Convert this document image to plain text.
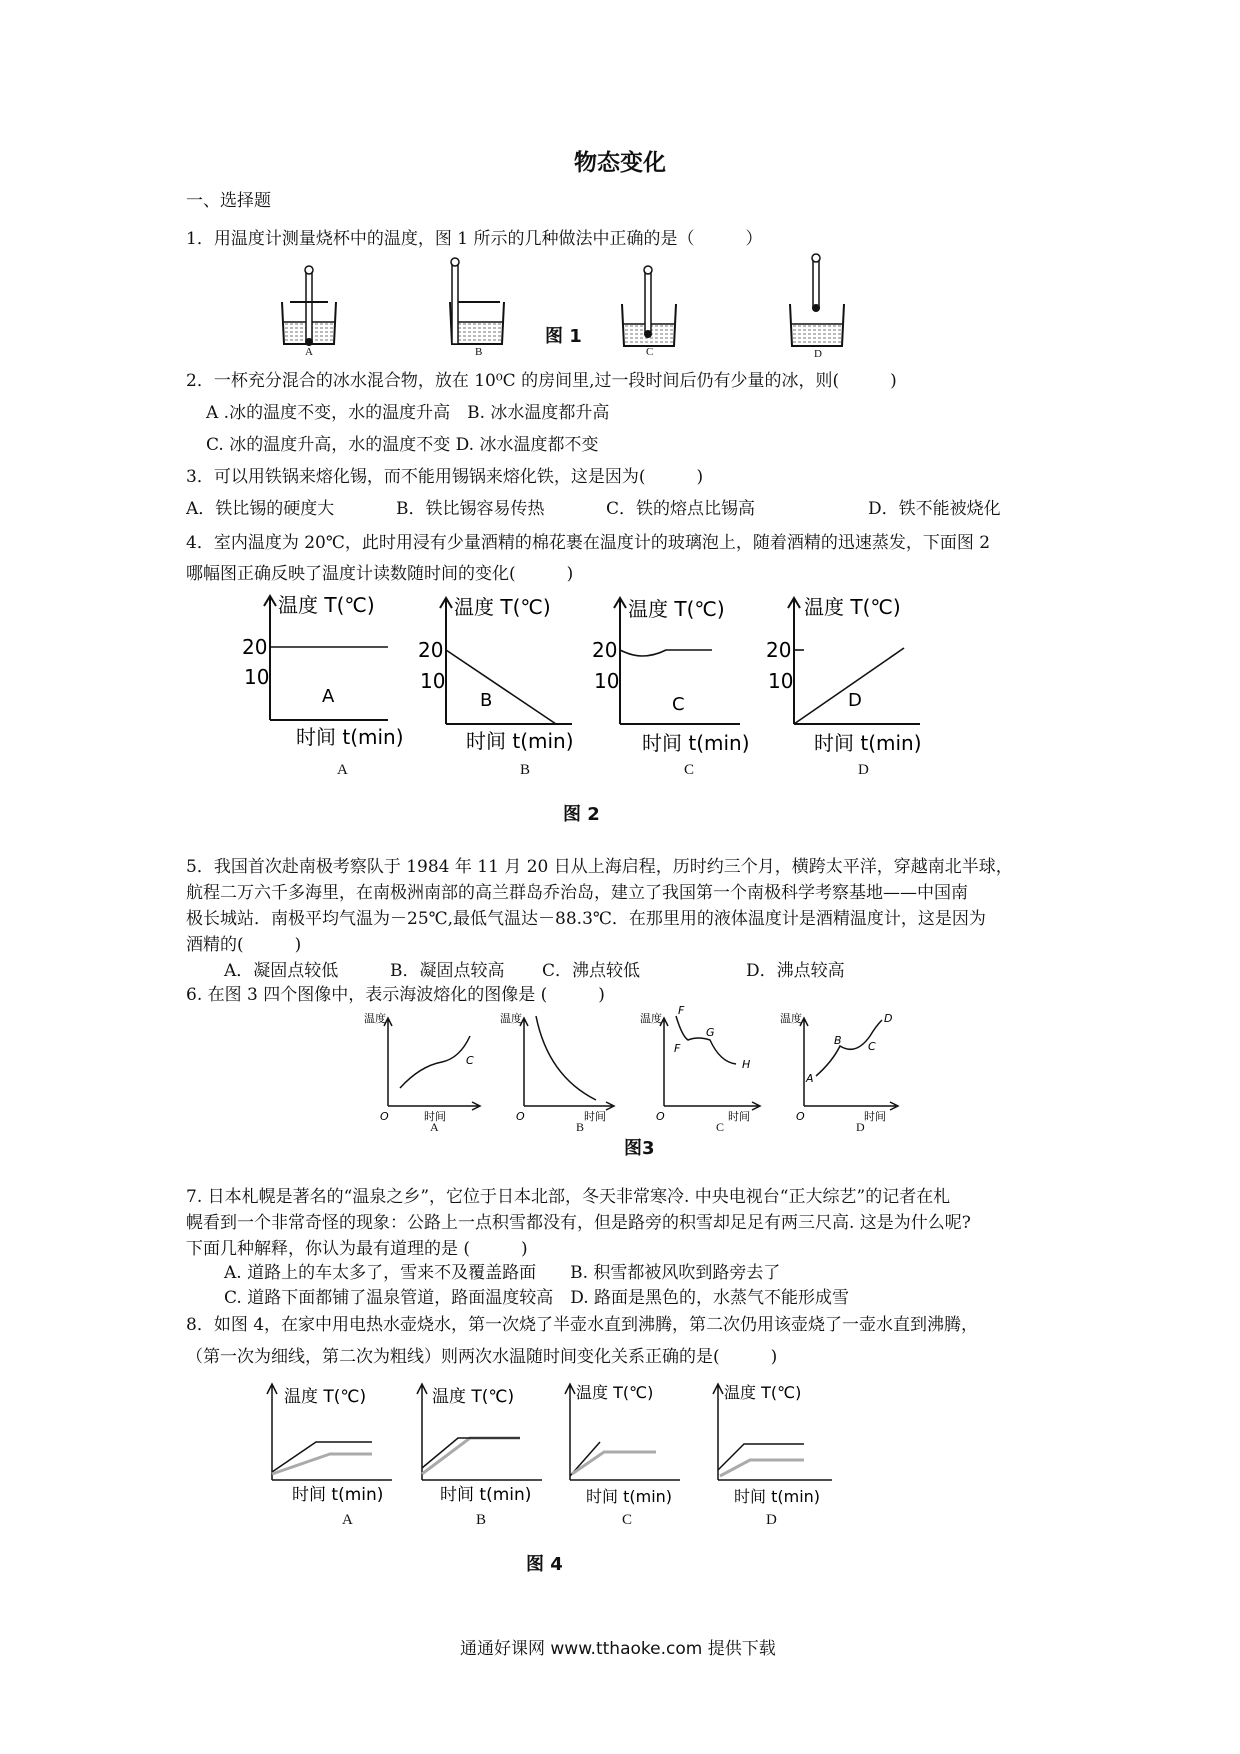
物态变化
一、选择题
1．用温度计测量烧杯中的温度，图 1 所示的几种做法中正确的是（　　　）
A	B	C	D
图 1
2．一杯充分混合的冰水混合物，放在 10⁰C 的房间里,过一段时间后仍有少量的冰，则(　　　)
A .冰的温度不变，水的温度升高　B. 冰水温度都升高
C. 冰的温度升高，水的温度不变 D. 冰水温度都不变
3．可以用铁锅来熔化锡，而不能用锡锅来熔化铁，这是因为(　　　)
A．铁比锡的硬度大	B．铁比锡容易传热	C．铁的熔点比锡高	D．铁不能被烧化
4．室内温度为 20℃，此时用浸有少量酒精的棉花裹在温度计的玻璃泡上，随着酒精的迅速蒸发，下面图 2
哪幅图正确反映了温度计读数随时间的变化(　　　)
20
10
温度 T(℃)
时间 t(min)
A
20
10
温度 T(℃)
时间 t(min)
B
20
10
温度 T(℃)
时间 t(min)
C
20
10
温度 T(℃)
时间 t(min)
D
A	B	C	D
图 2
5．我国首次赴南极考察队于 1984 年 11 月 20 日从上海启程，历时约三个月，横跨太平洋，穿越南北半球，
航程二万六千多海里，在南极洲南部的高兰群岛乔治岛，建立了我国第一个南极科学考察基地——中国南
极长城站．南极平均气温为－25℃,最低气温达－88.3℃．在那里用的液体温度计是酒精温度计，这是因为
酒精的(　　　)
A．凝固点较低	B．凝固点较高 C．沸点较低	D．沸点较高
6. 在图 3 四个图像中，表示海波熔化的图像是 (　　　)
温度
时间
O
C
温度
时间
O
温度
时间
O
F
F
G
H
温度
时间
O
A
B C
D
A	B	C	D
图3
7. 日本札幌是著名的“温泉之乡”，它位于日本北部，冬天非常寒冷. 中央电视台“正大综艺”的记者在札
幌看到一个非常奇怪的现象：公路上一点积雪都没有，但是路旁的积雪却足足有两三尺高. 这是为什么呢?
下面几种解释，你认为最有道理的是 (　　　)
A. 道路上的车太多了，雪来不及覆盖路面　　B. 积雪都被风吹到路旁去了
C. 道路下面都铺了温泉管道，路面温度较高　D. 路面是黑色的，水蒸气不能形成雪
8．如图 4，在家中用电热水壶烧水，第一次烧了半壶水直到沸腾，第二次仍用该壶烧了一壶水直到沸腾，
（第一次为细线，第二次为粗线）则两次水温随时间变化关系正确的是(　　　)
温度 T(℃)
时间 t(min)
温度 T(℃)
时间 t(min)
温度 T(℃)
时间 t(min)
温度 T(℃)
时间 t(min)
A	B	C	D
图 4
通通好课网 www.tthaoke.com 提供下载
